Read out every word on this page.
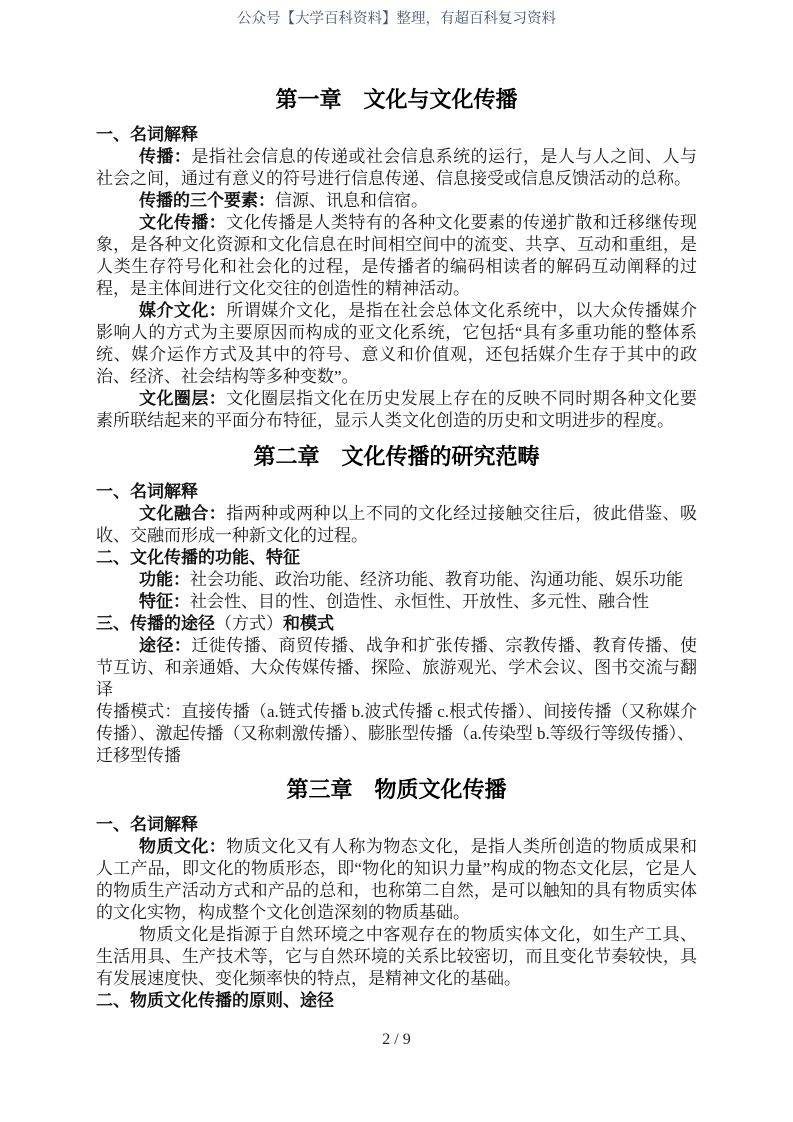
公众号【大学百科资料】整理，有超百科复习资料
第一章　文化与文化传播

一、名词解释

传播：是指社会信息的传递或社会信息系统的运行，是人与人之间、人与社会之间，通过有意义的符号进行信息传递、信息接受或信息反馈活动的总称。

传播的三个要素：信源、讯息和信宿。

文化传播：文化传播是人类特有的各种文化要素的传递扩散和迁移继传现象，是各种文化资源和文化信息在时间相空间中的流变、共享、互动和重组，是人类生存符号化和社会化的过程，是传播者的编码相读者的解码互动阐释的过程，是主体间进行文化交往的创造性的精神活动。

媒介文化：所谓媒介文化，是指在社会总体文化系统中，以大众传播媒介影响人的方式为主要原因而构成的亚文化系统，它包括“具有多重功能的整体系统、媒介运作方式及其中的符号、意义和价值观，还包括媒介生存于其中的政治、经济、社会结构等多种变数”。

文化圈层：文化圈层指文化在历史发展上存在的反映不同时期各种文化要素所联结起来的平面分布特征，显示人类文化创造的历史和文明进步的程度。

第二章　文化传播的研究范畴

一、名词解释

文化融合：指两种或两种以上不同的文化经过接触交往后，彼此借鉴、吸收、交融而形成一种新文化的过程。

二、文化传播的功能、特征

功能：社会功能、政治功能、经济功能、教育功能、沟通功能、娱乐功能

特征：社会性、目的性、创造性、永恒性、开放性、多元性、融合性

三、传播的途径（方式）和模式

途径：迁徙传播、商贸传播、战争和扩张传播、宗教传播、教育传播、使节互访、和亲通婚、大众传媒传播、探险、旅游观光、学术会议、图书交流与翻译

传播模式：直接传播（a.链式传播 b.波式传播 c.根式传播）、间接传播（又称媒介传播）、激起传播（又称刺激传播）、膨胀型传播（a.传染型 b.等级行等级传播）、

迁移型传播

第三章　物质文化传播

一、名词解释

物质文化：物质文化又有人称为物态文化，是指人类所创造的物质成果和人工产品，即文化的物质形态，即“物化的知识力量”构成的物态文化层，它是人的物质生产活动方式和产品的总和，也称第二自然，是可以触知的具有物质实体的文化实物，构成整个文化创造深刻的物质基础。

物质文化是指源于自然环境之中客观存在的物质实体文化，如生产工具、生活用具、生产技术等，它与自然环境的关系比较密切，而且变化节奏较快，具有发展速度快、变化频率快的特点，是精神文化的基础。

二、物质文化传播的原则、途径

2 / 9
